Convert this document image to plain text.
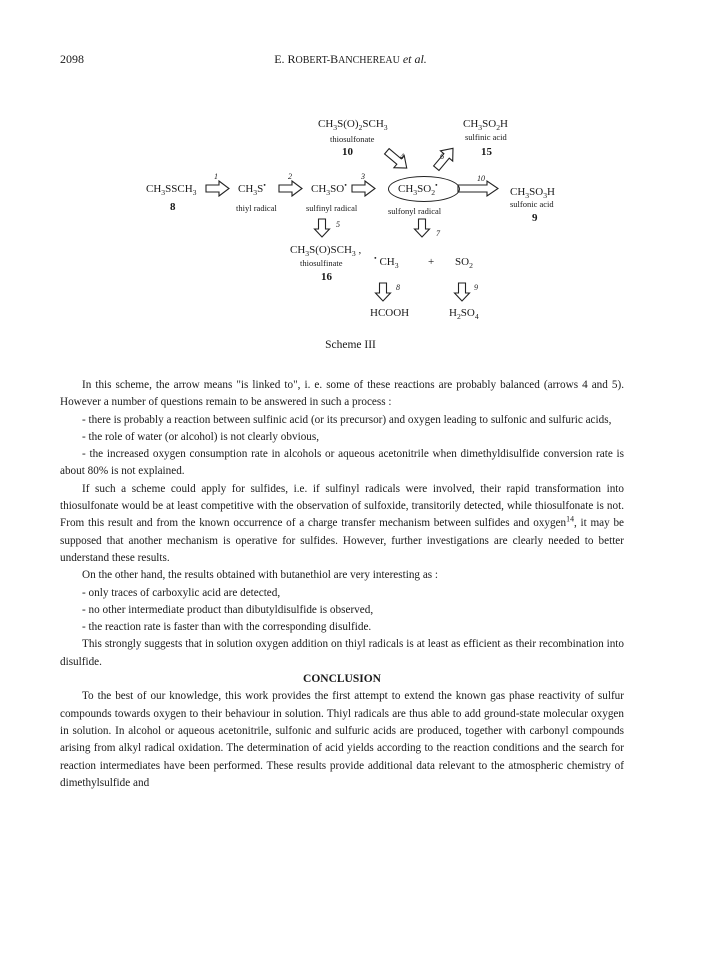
2098	E. ROBERT-BANCHEREAU et al.
$CH_3SSCH_3$
8
$CH_3S^•$
thiyl radical
$CH_3SO^•$
sulfinyl radical
$CH_3SO_2^•$
sulfonyl radical
$CH_3SO_3H$
sulfonic acid
9
$CH_3S(O)_2SCH_3$
thiosulfonate
10
$CH_3SO_2H$
sulfinic acid
15
$CH_3S(O)SCH_3$ ,
thiosulfinate
16
• $CH_3$	+ $SO_2$
HCOOH	$H_2SO_4$
1	2	3
4
5
6
7
8	9
10
Scheme III

In this scheme, the arrow means "is linked to", i. e. some of these reactions are probably balanced (arrows 4 and 5). However a number of questions remain to be answered in such a process :

- there is probably a reaction between sulfinic acid (or its precursor) and oxygen leading to sulfonic and sulfuric acids,

- the role of water (or alcohol) is not clearly obvious,

- the increased oxygen consumption rate in alcohols or aqueous acetonitrile when dimethyldisulfide conversion rate is about 80% is not explained.

If such a scheme could apply for sulfides, i.e. if sulfinyl radicals were involved, their rapid transformation into thiosulfonate would be at least competitive with the observation of sulfoxide, transitorily detected, while thiosulfonate is not. From this result and from the known occurrence of a charge transfer mechanism between sulfides and oxygen$^{14}$, it may be supposed that another mechanism is operative for sulfides. However, further investigations are clearly needed to better understand these results.

On the other hand, the results obtained with butanethiol are very interesting as :

- only traces of carboxylic acid are detected,

- no other intermediate product than dibutyldisulfide is observed,

- the reaction rate is faster than with the corresponding disulfide.

This strongly suggests that in solution oxygen addition on thiyl radicals is at least as efficient as their recombination into disulfide.

CONCLUSION

To the best of our knowledge, this work provides the first attempt to extend the known gas phase reactivity of sulfur compounds towards oxygen to their behaviour in solution. Thiyl radicals are thus able to add ground-state molecular oxygen in solution. In alcohol or aqueous acetonitrile, sulfonic and sulfuric acids are produced, together with carbonyl compounds arising from alkyl radical oxidation. The determination of acid yields according to the reaction conditions and the search for reaction intermediates have been performed. These results provide additional data relevant to the atmospheric chemistry of dimethylsulfide and
